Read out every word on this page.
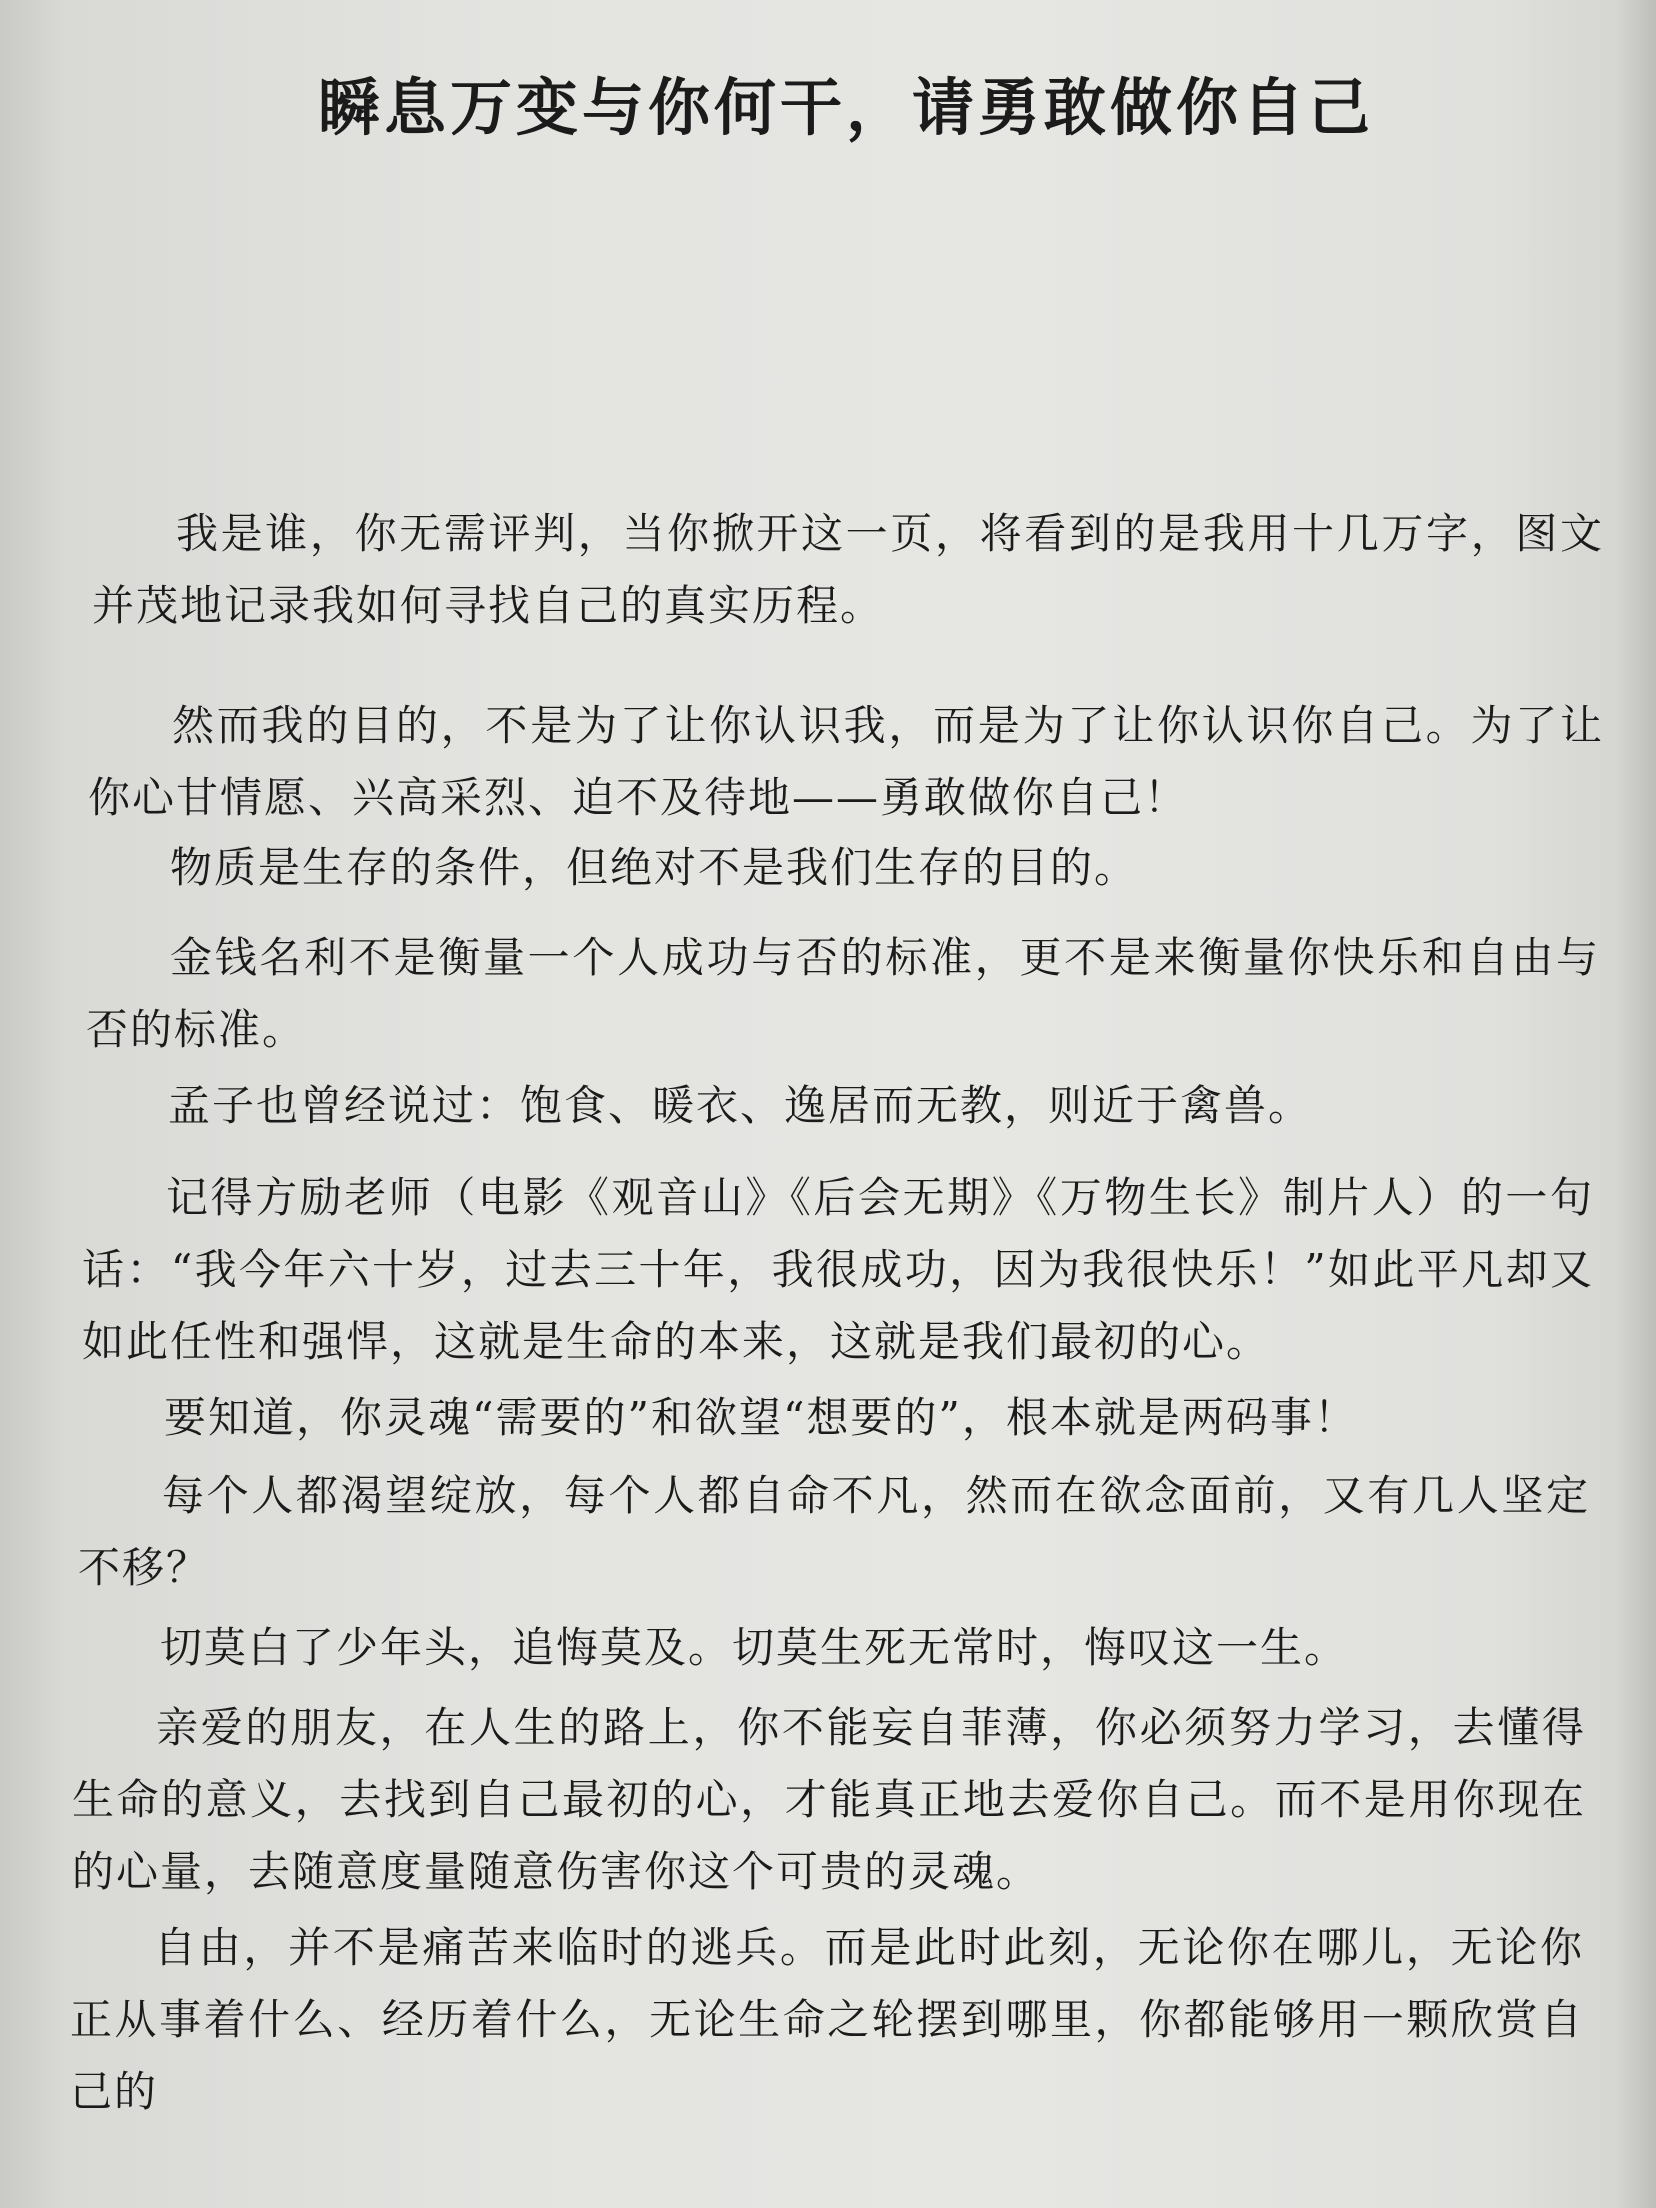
瞬息万变与你何干，请勇敢做你自己

我是谁，你无需评判，当你掀开这一页，将看到的是我用十几万字，图文并茂地记录我如何寻找自己的真实历程。

然而我的目的，不是为了让你认识我，而是为了让你认识你自己。为了让你心甘情愿、兴高采烈、迫不及待地——勇敢做你自己！

物质是生存的条件，但绝对不是我们生存的目的。

金钱名利不是衡量一个人成功与否的标准，更不是来衡量你快乐和自由与否的标准。

孟子也曾经说过：饱食、暖衣、逸居而无教，则近于禽兽。

记得方励老师（电影《观音山》《后会无期》《万物生长》制片人）的一句话：“我今年六十岁，过去三十年，我很成功，因为我很快乐！”如此平凡却又如此任性和强悍，这就是生命的本来，这就是我们最初的心。

要知道，你灵魂“需要的”和欲望“想要的”，根本就是两码事！

每个人都渴望绽放，每个人都自命不凡，然而在欲念面前，又有几人坚定不移？

切莫白了少年头，追悔莫及。切莫生死无常时，悔叹这一生。

亲爱的朋友，在人生的路上，你不能妄自菲薄，你必须努力学习，去懂得生命的意义，去找到自己最初的心，才能真正地去爱你自己。而不是用你现在的心量，去随意度量随意伤害你这个可贵的灵魂。

自由，并不是痛苦来临时的逃兵。而是此时此刻，无论你在哪儿，无论你正从事着什么、经历着什么，无论生命之轮摆到哪里，你都能够用一颗欣赏自己的
